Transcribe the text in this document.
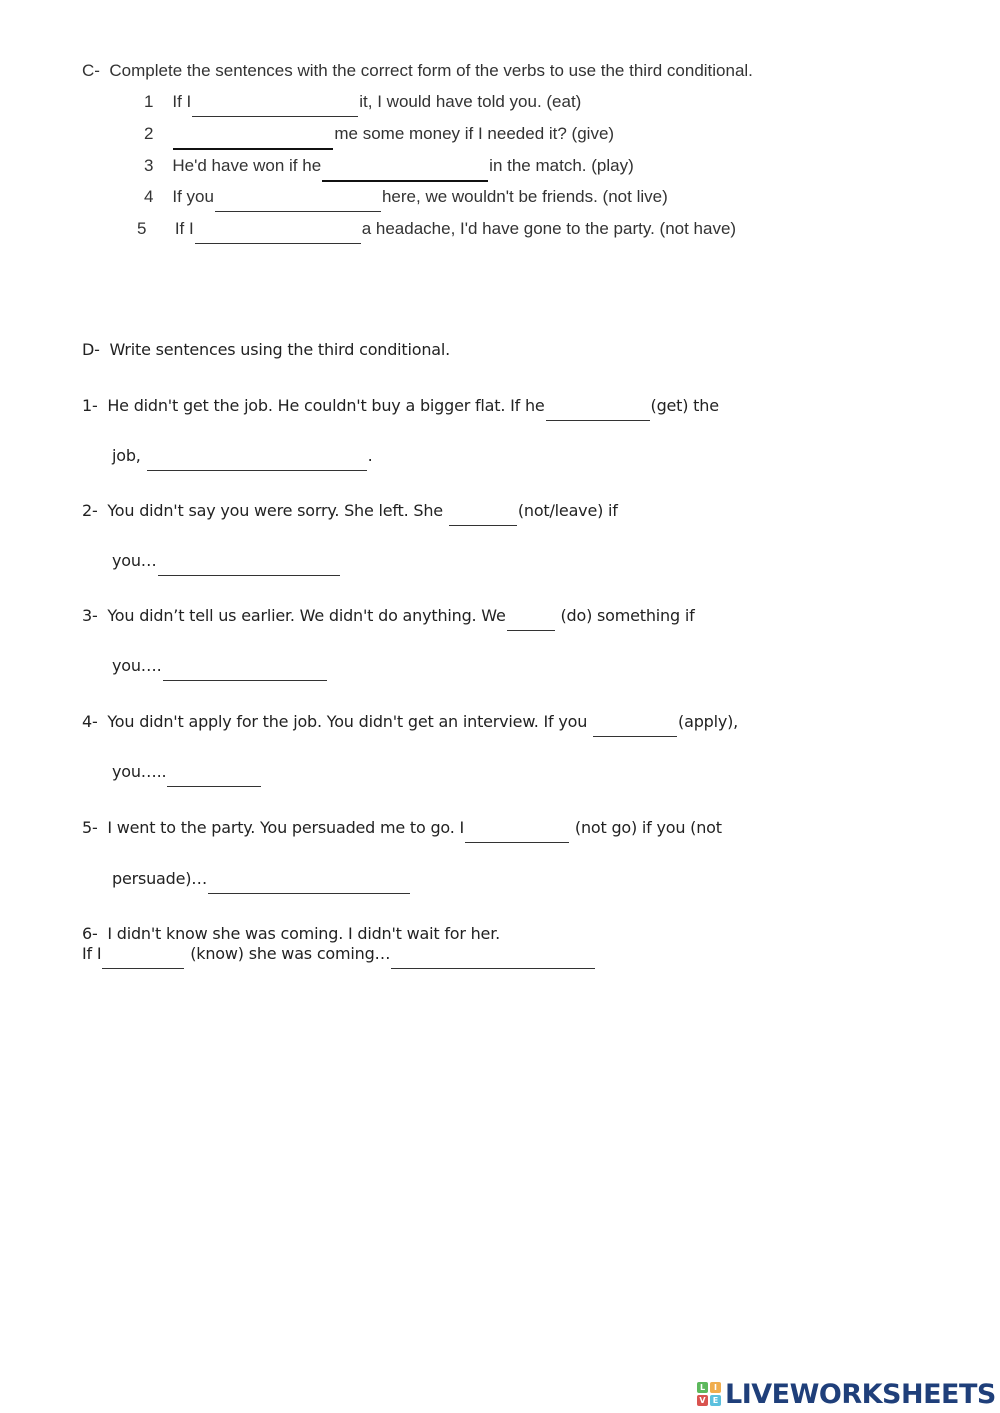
C- Complete the sentences with the correct form of the verbs to use the third conditional.
1 If I	it, I would have told you. (eat)
2	me some money if I needed it? (give)
3 He'd have won if he	in the match. (play)
4 If you	here, we wouldn't be friends. (not live)
5 If I	a headache, I'd have gone to the party. (not have)
D- Write sentences using the third conditional.
1- He didn't get the job. He couldn't buy a bigger flat. If he	(get) the
job,	.
2- You didn't say you were sorry. She left. She	(not/leave) if
you…
3- You didn’t tell us earlier. We didn't do anything. We	(do) something if
you….
4- You didn't apply for the job. You didn't get an interview. If you	(apply),
you…..
5- I went to the party. You persuaded me to go. I	(not go) if you (not
persuade)…
6- I didn't know she was coming. I didn't wait for her.
If I	(know) she was coming…
L	I
V E LIVEWORKSHEETS
